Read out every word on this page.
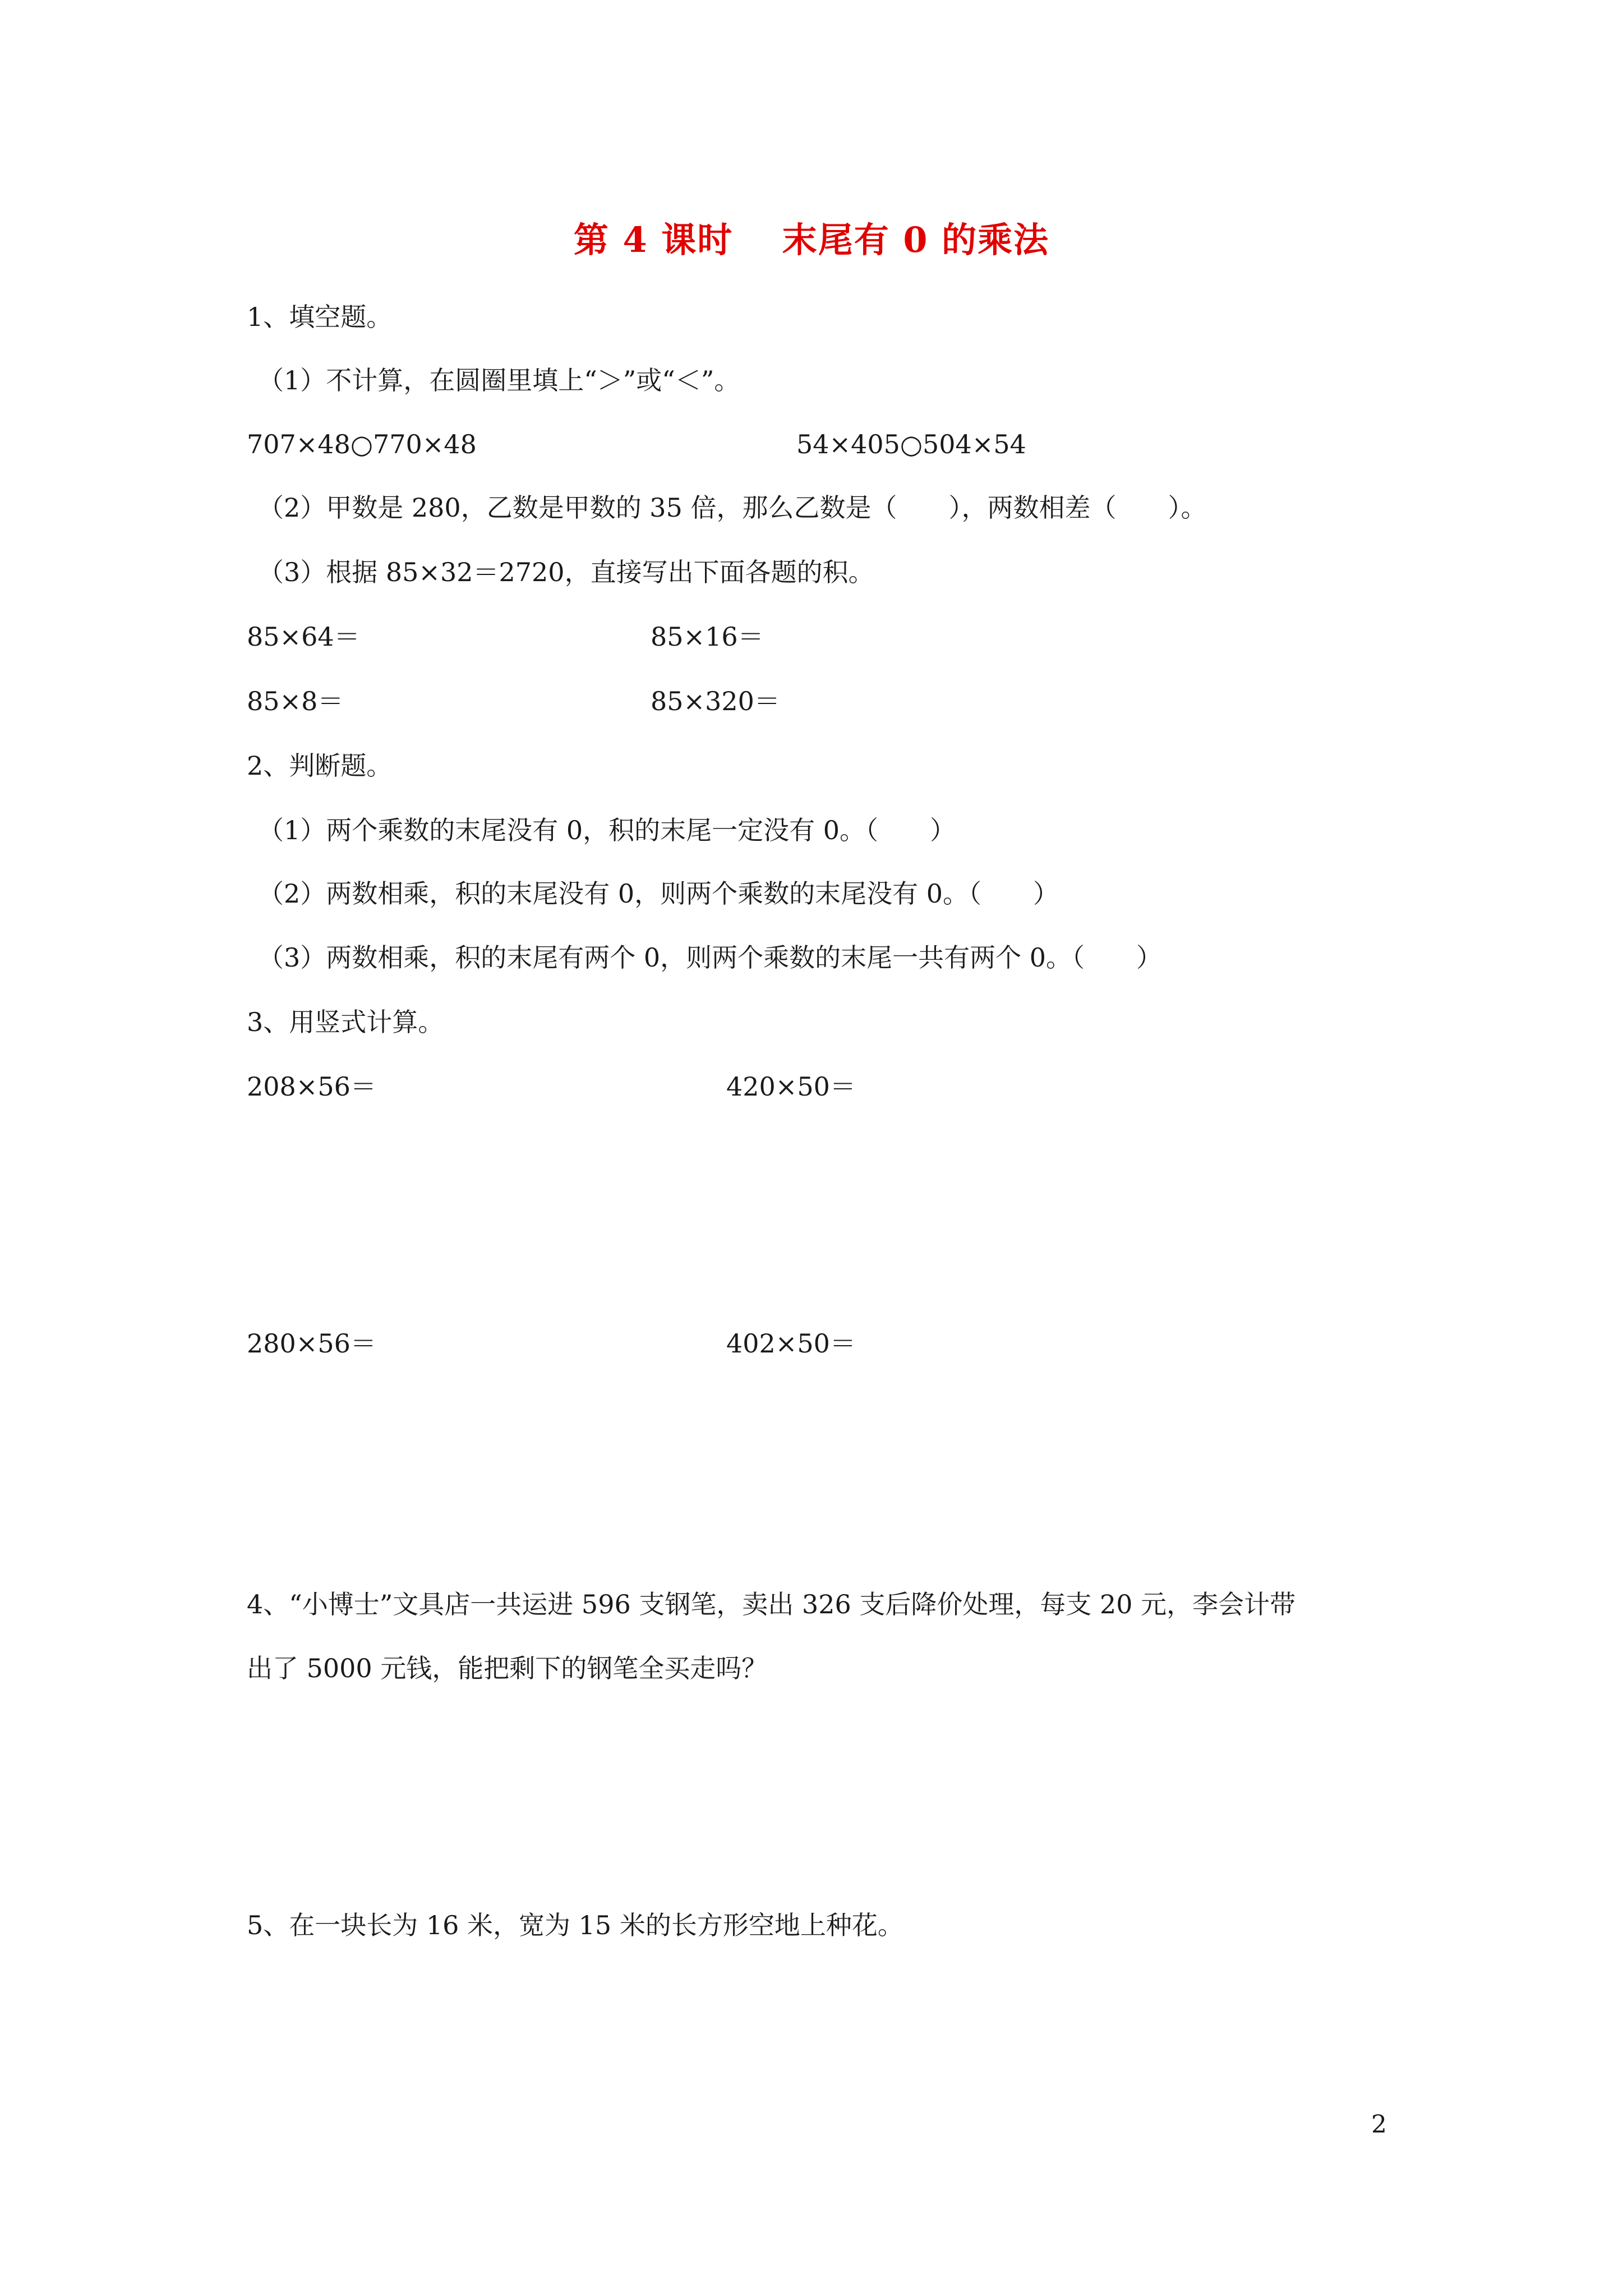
第 4 课时　 末尾有 0 的乘法
1、填空题。
（1）不计算，在圆圈里填上“＞”或“＜”。
707×48○770×48	54×405○504×54
（2）甲数是 280，乙数是甲数的 35 倍，那么乙数是（　　），两数相差（　　）。
（3）根据 85×32＝2720，直接写出下面各题的积。
85×64＝	85×16＝
85×8＝	85×320＝
2、判断题。
（1）两个乘数的末尾没有 0，积的末尾一定没有 0。（　　）
（2）两数相乘，积的末尾没有 0，则两个乘数的末尾没有 0。（　　）
（3）两数相乘，积的末尾有两个 0，则两个乘数的末尾一共有两个 0。（　　）
3、用竖式计算。
208×56＝	420×50＝
280×56＝	402×50＝
4、“小博士”文具店一共运进 596 支钢笔，卖出 326 支后降价处理，每支 20 元，李会计带
出了 5000 元钱，能把剩下的钢笔全买走吗？
5、在一块长为 16 米，宽为 15 米的长方形空地上种花。
2
